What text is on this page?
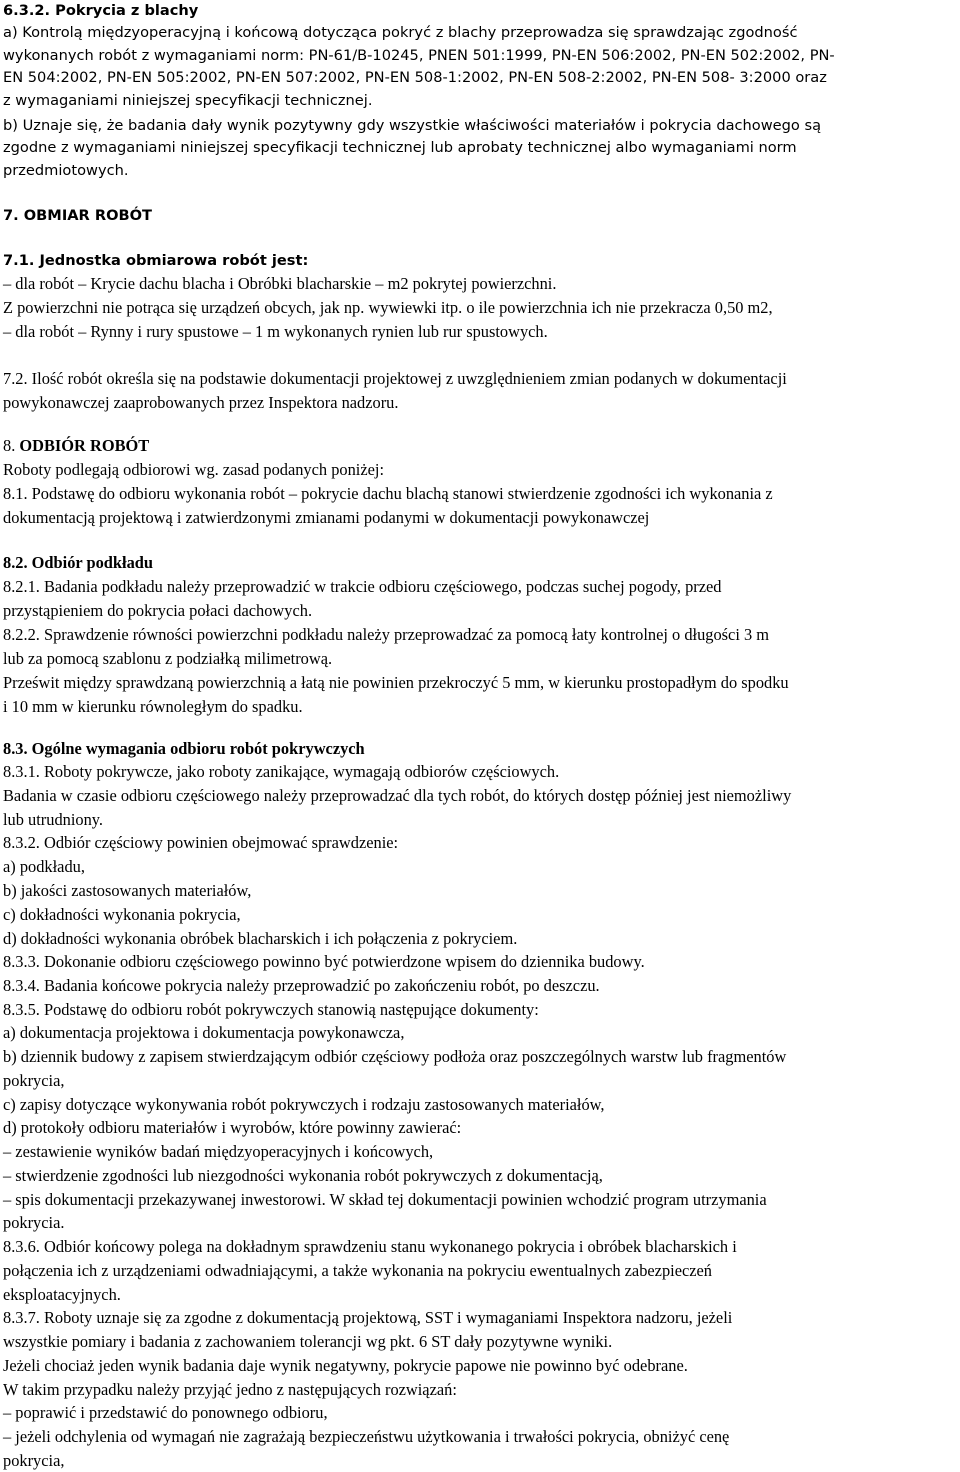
6.3.2. Pokrycia z blachy
a) Kontrolą międzyoperacyjną i końcową dotycząca pokryć z blachy przeprowadza się sprawdzając zgodność
wykonanych robót z wymaganiami norm: PN-61/B-10245, PNEN 501:1999, PN-EN 506:2002, PN-EN 502:2002, PN-
EN 504:2002, PN-EN 505:2002, PN-EN 507:2002, PN-EN 508-1:2002, PN-EN 508-2:2002, PN-EN 508- 3:2000 oraz
z wymaganiami niniejszej specyfikacji technicznej.
b) Uznaje się, że badania dały wynik pozytywny gdy wszystkie właściwości materiałów i pokrycia dachowego są
zgodne z wymaganiami niniejszej specyfikacji technicznej lub aprobaty technicznej albo wymaganiami norm
przedmiotowych.
7. OBMIAR ROBÓT
7.1. Jednostka obmiarowa robót jest:
– dla robót – Krycie dachu blacha i Obróbki blacharskie – m2 pokrytej powierzchni.
Z powierzchni nie potrąca się urządzeń obcych, jak np. wywiewki itp. o ile powierzchnia ich nie przekracza 0,50 m2,
– dla robót – Rynny i rury spustowe – 1 m wykonanych rynien lub rur spustowych.
7.2. Ilość robót określa się na podstawie dokumentacji projektowej z uwzględnieniem zmian podanych w dokumentacji
powykonawczej zaaprobowanych przez Inspektora nadzoru.
8. ODBIÓR ROBÓT
Roboty podlegają odbiorowi wg. zasad podanych poniżej:
8.1. Podstawę do odbioru wykonania robót – pokrycie dachu blachą stanowi stwierdzenie zgodności ich wykonania z
dokumentacją projektową i zatwierdzonymi zmianami podanymi w dokumentacji powykonawczej
8.2. Odbiór podkładu
8.2.1. Badania podkładu należy przeprowadzić w trakcie odbioru częściowego, podczas suchej pogody, przed
przystąpieniem do pokrycia połaci dachowych.
8.2.2. Sprawdzenie równości powierzchni podkładu należy przeprowadzać za pomocą łaty kontrolnej o długości 3 m
lub za pomocą szablonu z podziałką milimetrową.
Prześwit między sprawdzaną powierzchnią a łatą nie powinien przekroczyć 5 mm, w kierunku prostopadłym do spodku
i 10 mm w kierunku równoległym do spadku.
8.3. Ogólne wymagania odbioru robót pokrywczych
8.3.1. Roboty pokrywcze, jako roboty zanikające, wymagają odbiorów częściowych.
Badania w czasie odbioru częściowego należy przeprowadzać dla tych robót, do których dostęp później jest niemożliwy
lub utrudniony.
8.3.2. Odbiór częściowy powinien obejmować sprawdzenie:
a) podkładu,
b) jakości zastosowanych materiałów,
c) dokładności wykonania pokrycia,
d) dokładności wykonania obróbek blacharskich i ich połączenia z pokryciem.
8.3.3. Dokonanie odbioru częściowego powinno być potwierdzone wpisem do dziennika budowy.
8.3.4. Badania końcowe pokrycia należy przeprowadzić po zakończeniu robót, po deszczu.
8.3.5. Podstawę do odbioru robót pokrywczych stanowią następujące dokumenty:
a) dokumentacja projektowa i dokumentacja powykonawcza,
b) dziennik budowy z zapisem stwierdzającym odbiór częściowy podłoża oraz poszczególnych warstw lub fragmentów
pokrycia,
c) zapisy dotyczące wykonywania robót pokrywczych i rodzaju zastosowanych materiałów,
d) protokoły odbioru materiałów i wyrobów, które powinny zawierać:
– zestawienie wyników badań międzyoperacyjnych i końcowych,
– stwierdzenie zgodności lub niezgodności wykonania robót pokrywczych z dokumentacją,
– spis dokumentacji przekazywanej inwestorowi. W skład tej dokumentacji powinien wchodzić program utrzymania
pokrycia.
8.3.6. Odbiór końcowy polega na dokładnym sprawdzeniu stanu wykonanego pokrycia i obróbek blacharskich i
połączenia ich z urządzeniami odwadniającymi, a także wykonania na pokryciu ewentualnych zabezpieczeń
eksploatacyjnych.
8.3.7. Roboty uznaje się za zgodne z dokumentacją projektową, SST i wymaganiami Inspektora nadzoru, jeżeli
wszystkie pomiary i badania z zachowaniem tolerancji wg pkt. 6 ST dały pozytywne wyniki.
Jeżeli chociaż jeden wynik badania daje wynik negatywny, pokrycie papowe nie powinno być odebrane.
W takim przypadku należy przyjąć jedno z następujących rozwiązań:
– poprawić i przedstawić do ponownego odbioru,
– jeżeli odchylenia od wymagań nie zagrażają bezpieczeństwu użytkowania i trwałości pokrycia, obniżyć cenę
pokrycia,
